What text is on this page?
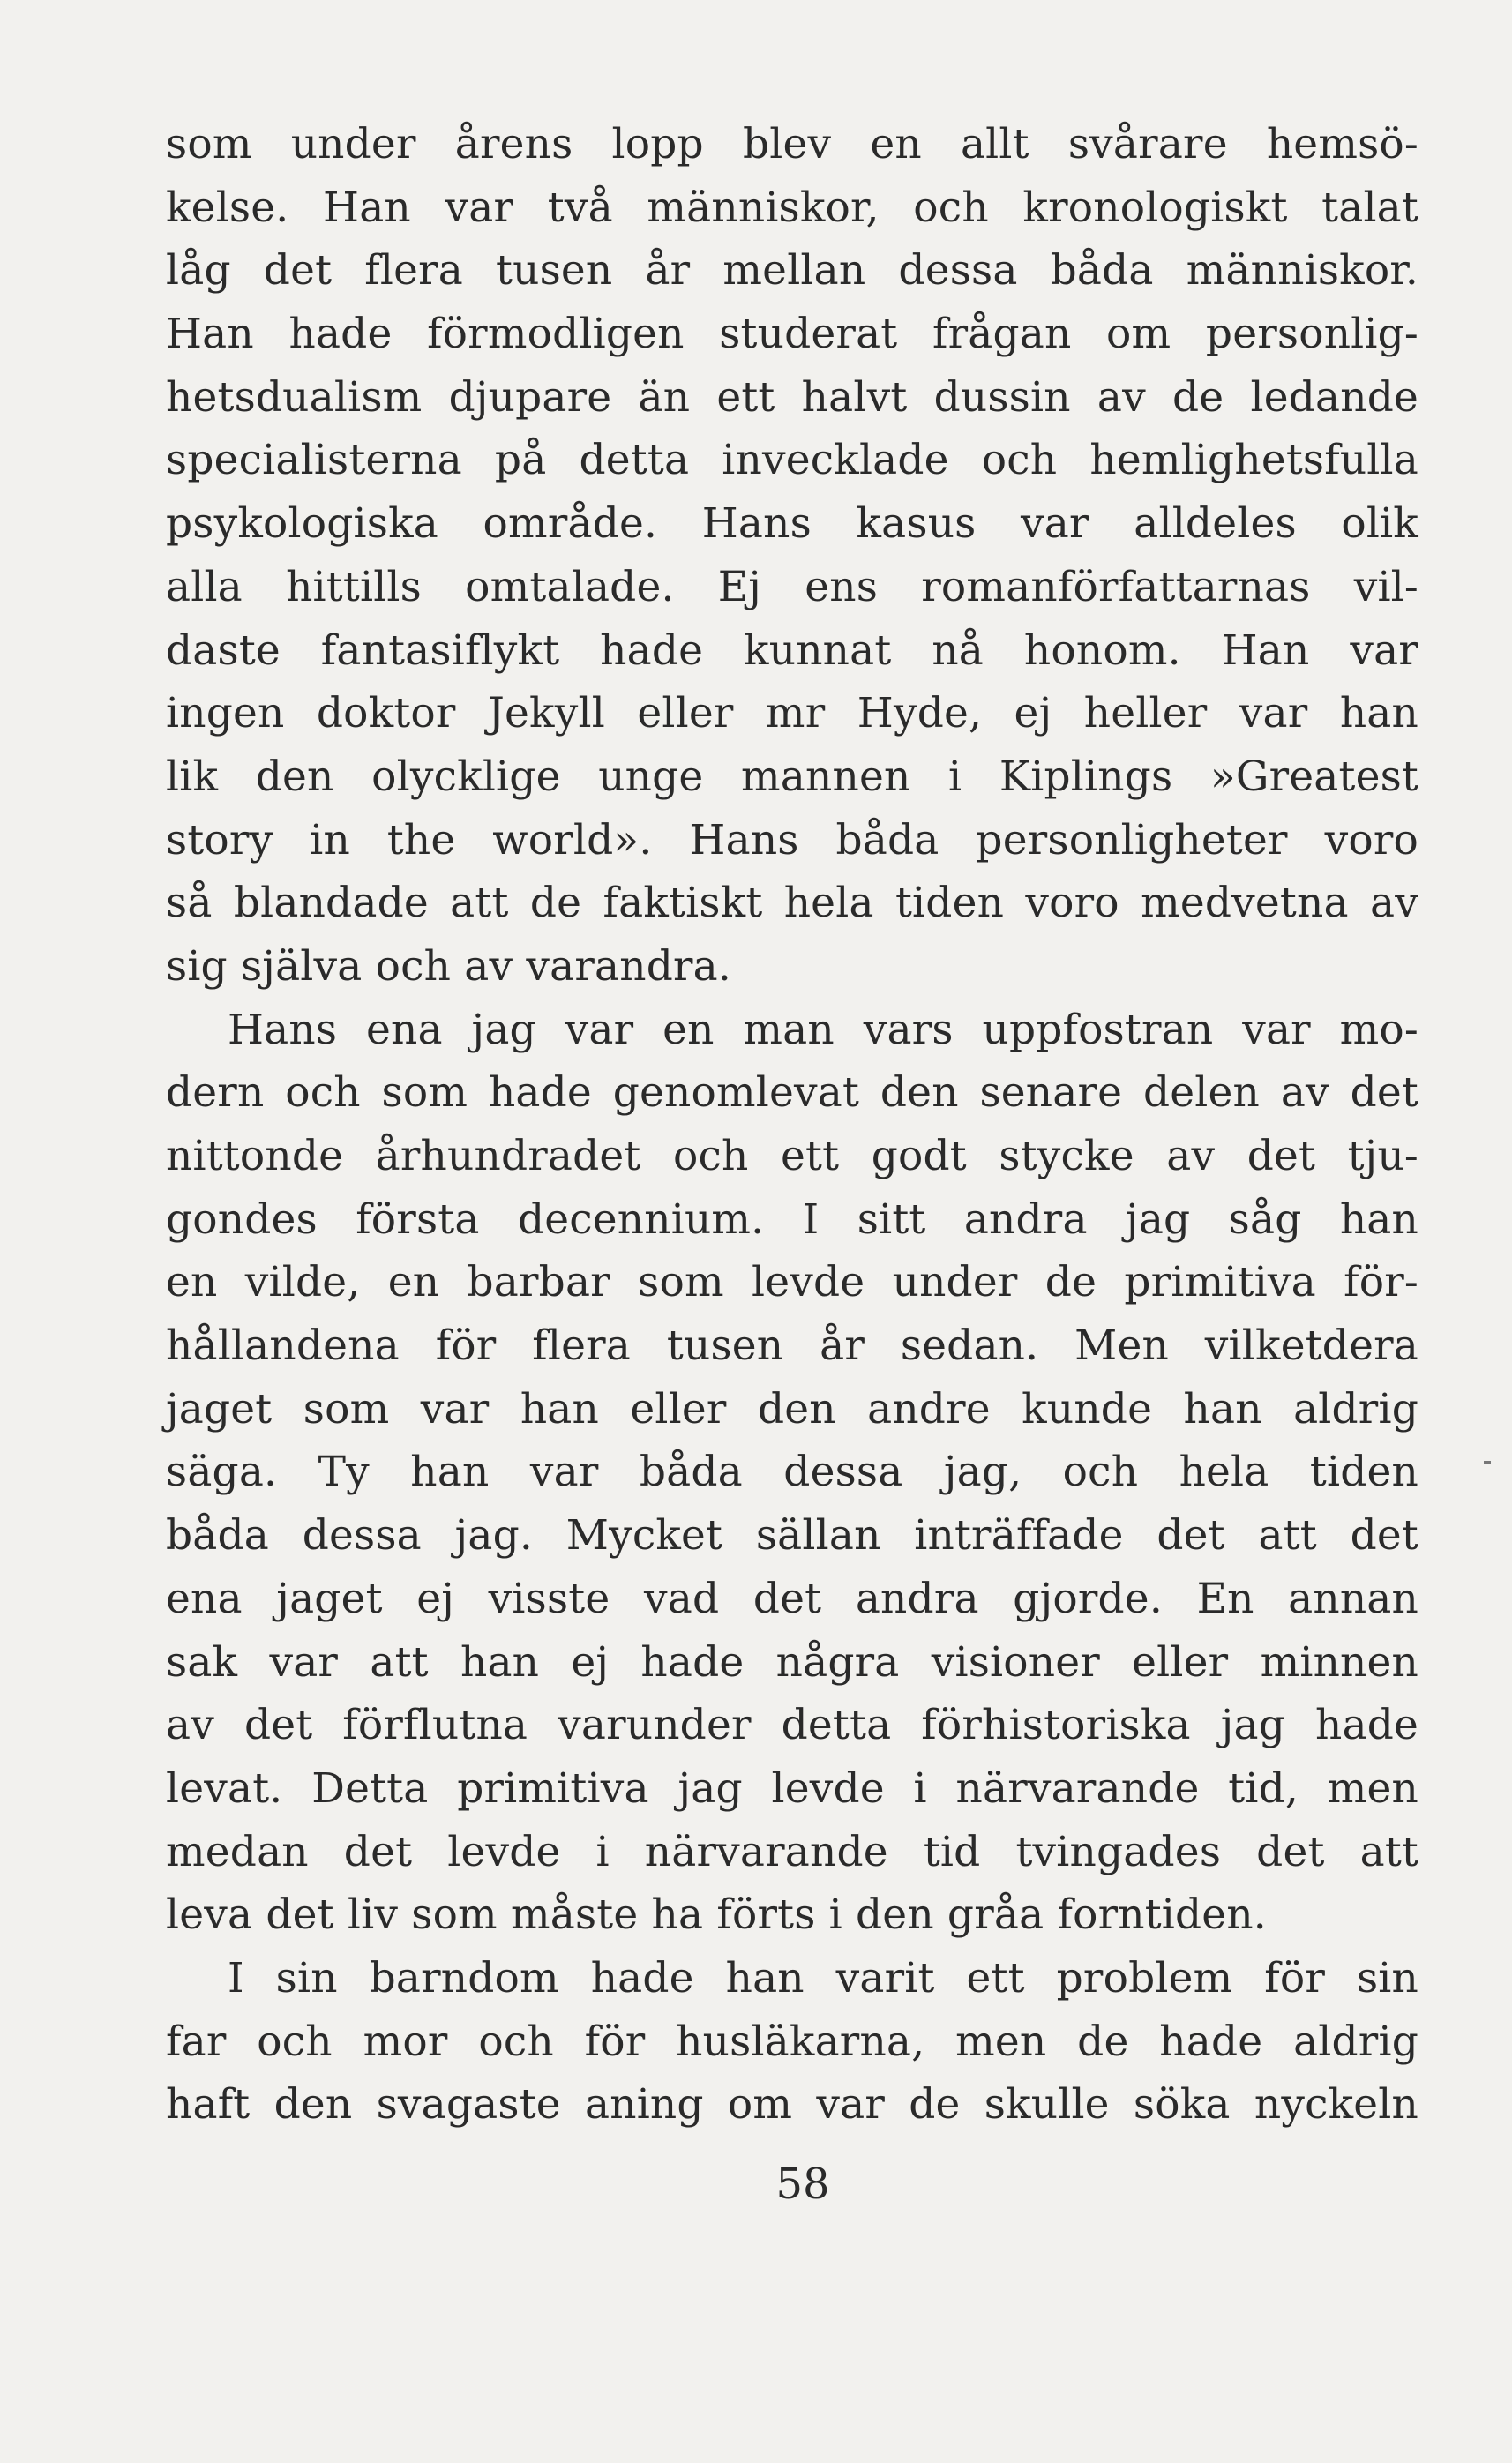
som under årens lopp blev en allt svårare hemsö-
kelse. Han var två människor, och kronologiskt talat
låg det flera tusen år mellan dessa båda människor.
Han hade förmodligen studerat frågan om personlig-
hetsdualism djupare än ett halvt dussin av de ledande
specialisterna på detta invecklade och hemlighetsfulla
psykologiska område. Hans kasus var alldeles olik
alla hittills omtalade. Ej ens romanförfattarnas vil-
daste fantasiflykt hade kunnat nå honom. Han var
ingen doktor Jekyll eller mr Hyde, ej heller var han
lik den olycklige unge mannen i Kiplings »Greatest
story in the world». Hans båda personligheter voro
så blandade att de faktiskt hela tiden voro medvetna av
sig själva och av varandra.
Hans ena jag var en man vars uppfostran var mo-
dern och som hade genomlevat den senare delen av det
nittonde århundradet och ett godt stycke av det tju-
gondes första decennium. I sitt andra jag såg han
en vilde, en barbar som levde under de primitiva för-
hållandena för flera tusen år sedan. Men vilketdera
jaget som var han eller den andre kunde han aldrig
säga. Ty han var båda dessa jag, och hela tiden
båda dessa jag. Mycket sällan inträffade det att det
ena jaget ej visste vad det andra gjorde. En annan
sak var att han ej hade några visioner eller minnen
av det förflutna varunder detta förhistoriska jag hade
levat. Detta primitiva jag levde i närvarande tid, men
medan det levde i närvarande tid tvingades det att
leva det liv som måste ha förts i den gråa forntiden.
I sin barndom hade han varit ett problem för sin
far och mor och för husläkarna, men de hade aldrig
haft den svagaste aning om var de skulle söka nyckeln
58
